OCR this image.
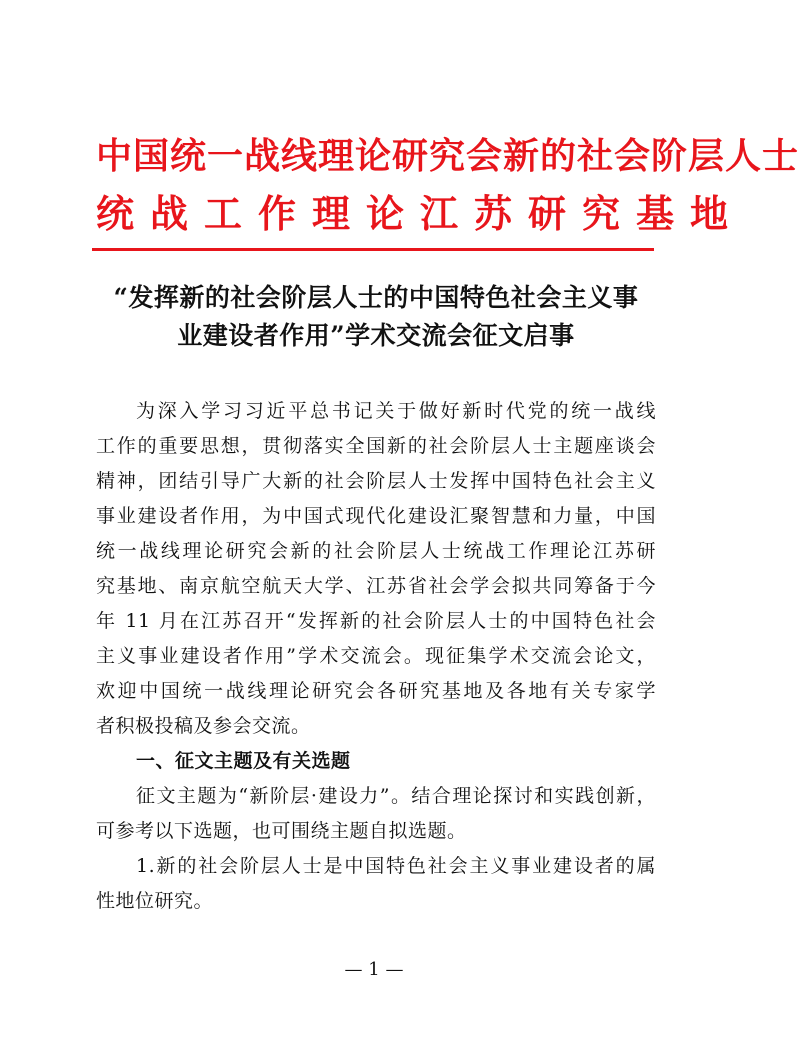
中国统一战线理论研究会新的社会阶层人士
统战工作理论江苏研究基地
“发挥新的社会阶层人士的中国特色社会主义事
业建设者作用”学术交流会征文启事
为深入学习习近平总书记关于做好新时代党的统一战线
工作的重要思想，贯彻落实全国新的社会阶层人士主题座谈会
精神，团结引导广大新的社会阶层人士发挥中国特色社会主义
事业建设者作用，为中国式现代化建设汇聚智慧和力量，中国
统一战线理论研究会新的社会阶层人士统战工作理论江苏研
究基地、南京航空航天大学、江苏省社会学会拟共同筹备于今
年 11 月在江苏召开“发挥新的社会阶层人士的中国特色社会
主义事业建设者作用”学术交流会。现征集学术交流会论文，
欢迎中国统一战线理论研究会各研究基地及各地有关专家学
者积极投稿及参会交流。
一、征文主题及有关选题
征文主题为“新阶层·建设力”。结合理论探讨和实践创新，
可参考以下选题，也可围绕主题自拟选题。
1.新的社会阶层人士是中国特色社会主义事业建设者的属
性地位研究。
— 1 —
